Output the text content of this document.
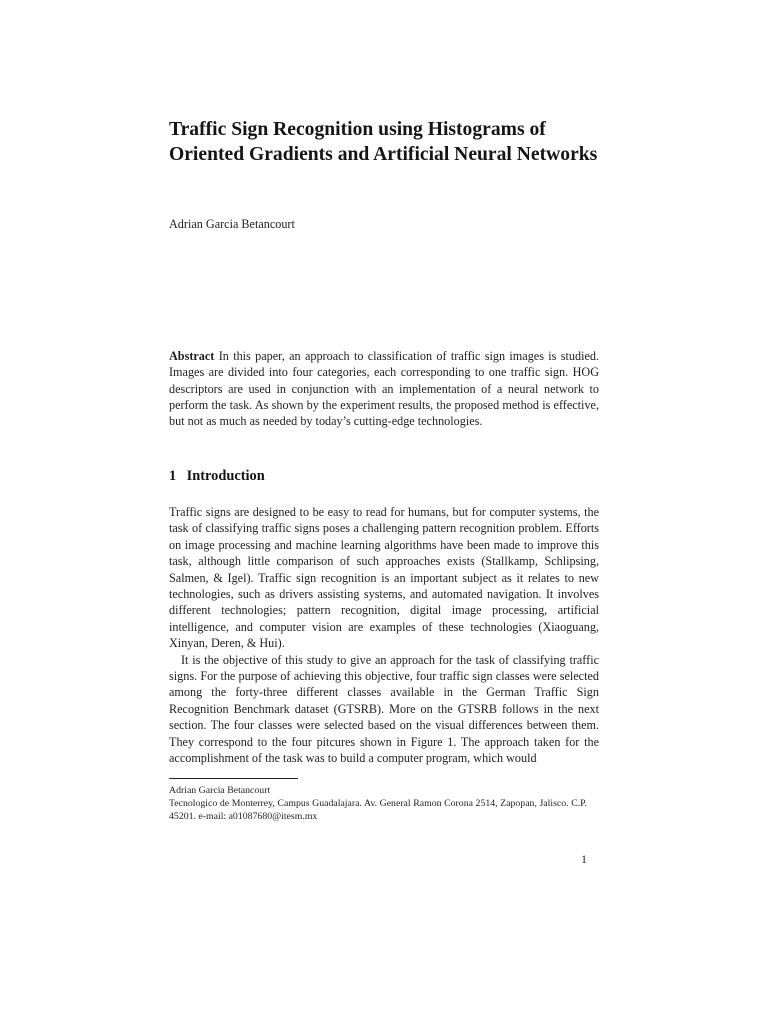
Traffic Sign Recognition using Histograms of Oriented Gradients and Artificial Neural Networks

Adrian Garcia Betancourt

Abstract In this paper, an approach to classification of traffic sign images is studied. Images are divided into four categories, each corresponding to one traffic sign. HOG descriptors are used in conjunction with an implementation of a neural network to perform the task. As shown by the experiment results, the proposed method is effective, but not as much as needed by today’s cutting-edge technologies.

1 Introduction

Traffic signs are designed to be easy to read for humans, but for computer systems, the task of classifying traffic signs poses a challenging pattern recognition problem. Efforts on image processing and machine learning algorithms have been made to improve this task, although little comparison of such approaches exists (Stallkamp, Schlipsing, Salmen, & Igel). Traffic sign recognition is an important subject as it relates to new technologies, such as drivers assisting systems, and automated navigation. It involves different technologies; pattern recognition, digital image processing, artificial intelligence, and computer vision are examples of these technologies (Xiaoguang, Xinyan, Deren, & Hui).

It is the objective of this study to give an approach for the task of classifying traffic signs. For the purpose of achieving this objective, four traffic sign classes were selected among the forty-three different classes available in the German Traffic Sign Recognition Benchmark dataset (GTSRB). More on the GTSRB follows in the next section. The four classes were selected based on the visual differences between them. They correspond to the four pitcures shown in Figure 1. The approach taken for the accomplishment of the task was to build a computer program, which would

Adrian Garcia Betancourt

Tecnologico de Monterrey, Campus Guadalajara. Av. General Ramon Corona 2514, Zapopan, Jalisco. C.P. 45201. e-mail: a01087680@itesm.mx

1
